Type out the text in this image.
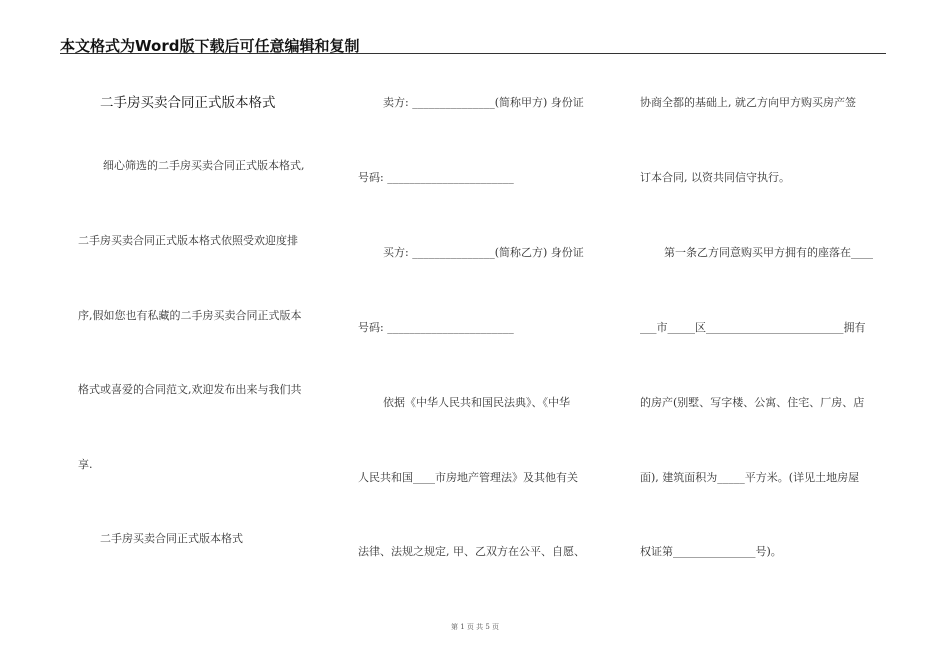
本文格式为Word版下载后可任意编辑和复制
二手房买卖合同正式版本格式
细心筛选的二手房买卖合同正式版本格式,
二手房买卖合同正式版本格式依照受欢迎度排
序,假如您也有私藏的二手房买卖合同正式版本
格式或喜爱的合同范文,欢迎发布出来与我们共
享.
二手房买卖合同正式版本格式
卖方: _______________(简称甲方) 身份证
号码: _______________________
买方: _______________(简称乙方) 身份证
号码: _______________________
依据《中华人民共和国民法典》、《中华
人民共和国____市房地产管理法》及其他有关
法律、法规之规定, 甲、乙双方在公平、自愿、
协商全都的基础上, 就乙方向甲方购买房产签
订本合同, 以资共同信守执行。
第一条乙方同意购买甲方拥有的座落在____
___市_____区_________________________拥有
的房产(别墅、写字楼、公寓、住宅、厂房、店
面), 建筑面积为_____平方米。(详见土地房屋
权证第_______________号)。
第 1 页 共 5 页
